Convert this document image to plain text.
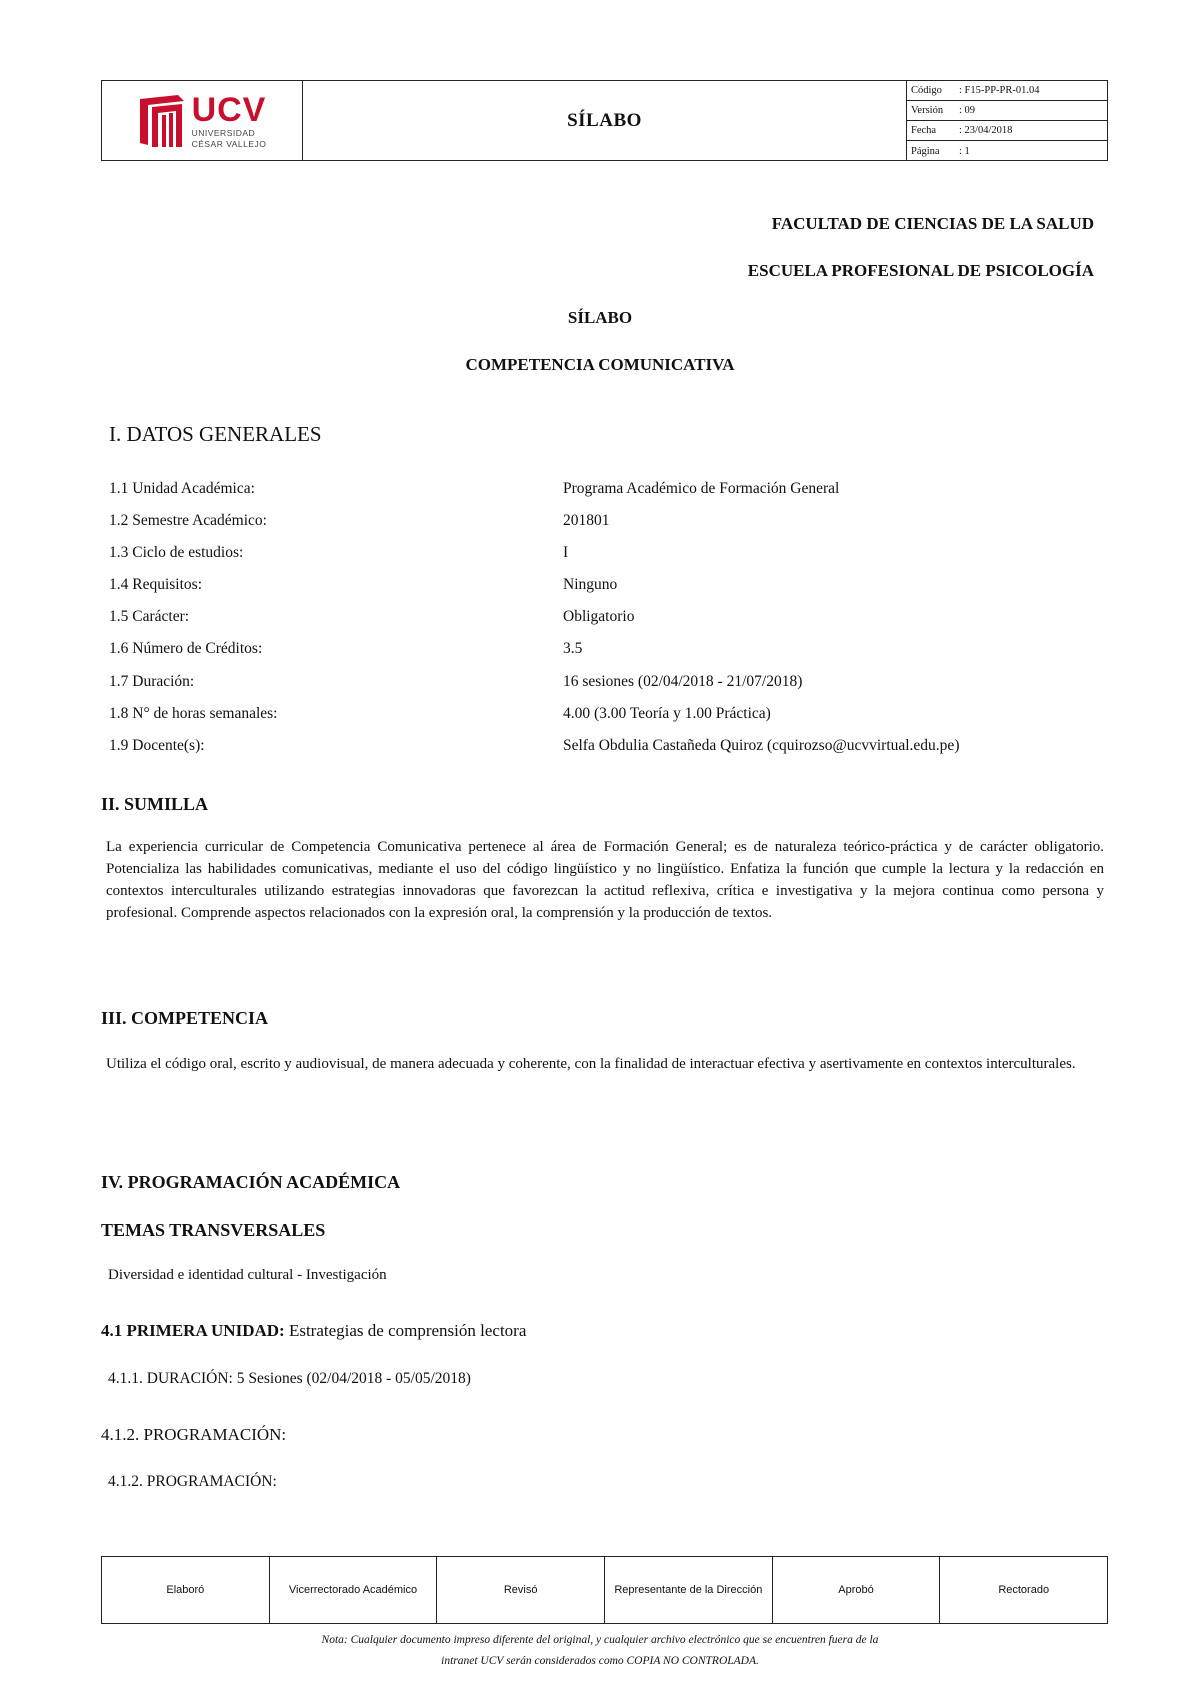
UCV
UNIVERSIDAD
CÉSAR VALLEJO
SÍLABO
Código	: F15-PP-PR-01.04
Versión	: 09
Fecha	: 23/04/2018
Página	: 1
FACULTAD DE CIENCIAS DE LA SALUD
ESCUELA PROFESIONAL DE PSICOLOGÍA
SÍLABO
COMPETENCIA COMUNICATIVA
I. DATOS GENERALES
1.1 Unidad Académica:	Programa Académico de Formación General
1.2 Semestre Académico:	201801
1.3 Ciclo de estudios:	I
1.4 Requisitos:	Ninguno
1.5 Carácter:	Obligatorio
1.6 Número de Créditos:	3.5
1.7 Duración:	16 sesiones (02/04/2018 - 21/07/2018)
1.8 N° de horas semanales:	4.00 (3.00 Teoría y 1.00 Práctica)
1.9 Docente(s):	Selfa Obdulia Castañeda Quiroz (cquirozso@ucvvirtual.edu.pe)
II. SUMILLA
La experiencia curricular de Competencia Comunicativa pertenece al área de Formación General; es de naturaleza teórico-práctica y de carácter obligatorio. Potencializa las habilidades comunicativas, mediante el uso del código lingüístico y no lingüístico. Enfatiza la función que cumple la lectura y la redacción en contextos interculturales utilizando estrategias innovadoras que favorezcan la actitud reflexiva, crítica e investigativa y la mejora continua como persona y profesional. Comprende aspectos relacionados con la expresión oral, la comprensión y la producción de textos.
III. COMPETENCIA
Utiliza el código oral, escrito y audiovisual, de manera adecuada y coherente, con la finalidad de interactuar efectiva y asertivamente en contextos interculturales.
IV. PROGRAMACIÓN ACADÉMICA
TEMAS TRANSVERSALES
Diversidad e identidad cultural - Investigación
4.1 PRIMERA UNIDAD: Estrategias de comprensión lectora
4.1.1. DURACIÓN: 5 Sesiones (02/04/2018 - 05/05/2018)
4.1.2. PROGRAMACIÓN:
4.1.2. PROGRAMACIÓN:
Elaboró	Vicerrectorado Académico	Revisó	Representante de la Dirección	Aprobó	Rectorado
Nota: Cualquier documento impreso diferente del original, y cualquier archivo electrónico que se encuentren fuera de la
intranet UCV serán considerados como COPIA NO CONTROLADA.
